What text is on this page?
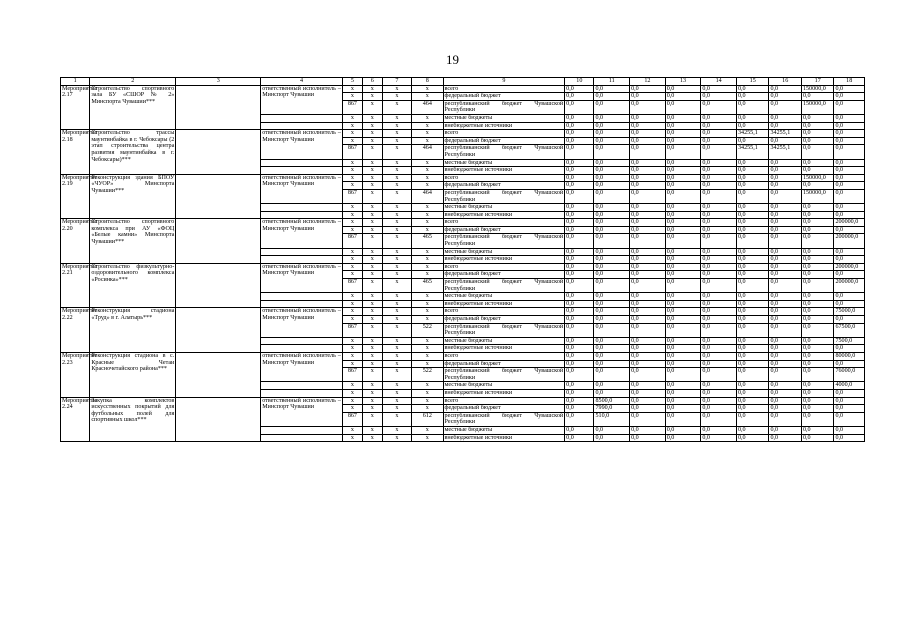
19
1	2	3	4	5	6	7	8	9	10	11	12	13	14	15	16	17	18
Мероприятие 2.17	Строительство спортивного зала БУ «СШОР № 2» Минспорта Чувашии***		ответственный исполнитель – Минспорт Чувашии	x	x	x	x	всего	0,0	0,0	0,0	0,0	0,0	0,0	0,0	150000,0	0,0
				x	x	x	x	федеральный бюджет	0,0	0,0	0,0	0,0	0,0	0,0	0,0	0,0	0,0
				867	x	x	464	республиканский бюджет Чувашской Республики	0,0	0,0	0,0	0,0	0,0	0,0	0,0	150000,0	0,0
				x	x	x	x	местные бюджеты	0,0	0,0	0,0	0,0	0,0	0,0	0,0	0,0	0,0
				x	x	x	x	внебюджетные источники	0,0	0,0	0,0	0,0	0,0	0,0	0,0	0,0	0,0
Мероприятие 2.18	Строительство трассы маунтинбайка в г. Чебоксары (2 этап строительства центра развития маунтинбайка в г. Чебоксары)***		ответственный исполнитель – Минспорт Чувашии	x	x	x	x	всего	0,0	0,0	0,0	0,0	0,0	34255,1	34255,1	0,0	0,0
				x	x	x	x	федеральный бюджет	0,0	0,0	0,0	0,0	0,0	0,0	0,0	0,0	0,0
				867	x	x	464	республиканский бюджет Чувашской Республики	0,0	0,0	0,0	0,0	0,0	34255,1	34255,1	0,0	0,0
				x	x	x	x	местные бюджеты	0,0	0,0	0,0	0,0	0,0	0,0	0,0	0,0	0,0
				x	x	x	x	внебюджетные источники	0,0	0,0	0,0	0,0	0,0	0,0	0,0	0,0	0,0
Мероприятие 2.19	Реконструкция здания БПОУ «ЧУОР» Минспорта Чувашии***		ответственный исполнитель – Минспорт Чувашии	x	x	x	x	всего	0,0	0,0	0,0	0,0	0,0	0,0	0,0	150000,0	0,0
				x	x	x	x	федеральный бюджет	0,0	0,0	0,0	0,0	0,0	0,0	0,0	0,0	0,0
				867	x	x	464	республиканский бюджет Чувашской Республики	0,0	0,0	0,0	0,0	0,0	0,0	0,0	150000,0	0,0
				x	x	x	x	местные бюджеты	0,0	0,0	0,0	0,0	0,0	0,0	0,0	0,0	0,0
				x	x	x	x	внебюджетные источники	0,0	0,0	0,0	0,0	0,0	0,0	0,0	0,0	0,0
Мероприятие 2.20	Строительство спортивного комплекса при АУ «ФОЦ «Белые камни» Минспорта Чувашии***		ответственный исполнитель – Минспорт Чувашии	x	x	x	x	всего	0,0	0,0	0,0	0,0	0,0	0,0	0,0	0,0	200000,0
				x	x	x	x	федеральный бюджет	0,0	0,0	0,0	0,0	0,0	0,0	0,0	0,0	0,0
				867	x	x	465	республиканский бюджет Чувашской Республики	0,0	0,0	0,0	0,0	0,0	0,0	0,0	0,0	200000,0
				x	x	x	x	местные бюджеты	0,0	0,0	0,0	0,0	0,0	0,0	0,0	0,0	0,0
				x	x	x	x	внебюджетные источники	0,0	0,0	0,0	0,0	0,0	0,0	0,0	0,0	0,0
Мероприятие 2.21	Строительство физкультурно-оздоровительного комплекса «Росинка»***		ответственный исполнитель – Минспорт Чувашии	x	x	x	x	всего	0,0	0,0	0,0	0,0	0,0	0,0	0,0	0,0	200000,0
				x	x	x	x	федеральный бюджет	0,0	0,0	0,0	0,0	0,0	0,0	0,0	0,0	0,0
				867	x	x	465	республиканский бюджет Чувашской Республики	0,0	0,0	0,0	0,0	0,0	0,0	0,0	0,0	200000,0
				x	x	x	x	местные бюджеты	0,0	0,0	0,0	0,0	0,0	0,0	0,0	0,0	0,0
				x	x	x	x	внебюджетные источники	0,0	0,0	0,0	0,0	0,0	0,0	0,0	0,0	0,0
Мероприятие 2.22	Реконструкция стадиона «Труд» в г. Алатырь***		ответственный исполнитель – Минспорт Чувашии	x	x	x	x	всего	0,0	0,0	0,0	0,0	0,0	0,0	0,0	0,0	75000,0
				x	x	x	x	федеральный бюджет	0,0	0,0	0,0	0,0	0,0	0,0	0,0	0,0	0,0
				867	x	x	522	республиканский бюджет Чувашской Республики	0,0	0,0	0,0	0,0	0,0	0,0	0,0	0,0	67500,0
				x	x	x	x	местные бюджеты	0,0	0,0	0,0	0,0	0,0	0,0	0,0	0,0	7500,0
				x	x	x	x	внебюджетные источники	0,0	0,0	0,0	0,0	0,0	0,0	0,0	0,0	0,0
Мероприятие 2.23	Реконструкция стадиона в с. Красные Четаи Красночетайского района***		ответственный исполнитель – Минспорт Чувашии	x	x	x	x	всего	0,0	0,0	0,0	0,0	0,0	0,0	0,0	0,0	80000,0
				x	x	x	x	федеральный бюджет	0,0	0,0	0,0	0,0	0,0	0,0	0,0	0,0	0,0
				867	x	x	522	республиканский бюджет Чувашской Республики	0,0	0,0	0,0	0,0	0,0	0,0	0,0	0,0	76000,0
				x	x	x	x	местные бюджеты	0,0	0,0	0,0	0,0	0,0	0,0	0,0	0,0	4000,0
				x	x	x	x	внебюджетные источники	0,0	0,0	0,0	0,0	0,0	0,0	0,0	0,0	0,0
Мероприятие 2.24	Закупка комплектов искусственных покрытий для футбольных полей для спортивных школ***		ответственный исполнитель – Минспорт Чувашии	x	x	x	x	всего	0,0	8500,0	0,0	0,0	0,0	0,0	0,0	0,0	0,0
				x	x	x	x	федеральный бюджет	0,0	7990,0	0,0	0,0	0,0	0,0	0,0	0,0	0,0
				867	x	x	612	республиканский бюджет Чувашской Республики	0,0	510,0	0,0	0,0	0,0	0,0	0,0	0,0	0,0
				x	x	x	x	местные бюджеты	0,0	0,0	0,0	0,0	0,0	0,0	0,0	0,0	0,0
				x	x	x	x	внебюджетные источники	0,0	0,0	0,0	0,0	0,0	0,0	0,0	0,0	0,0
